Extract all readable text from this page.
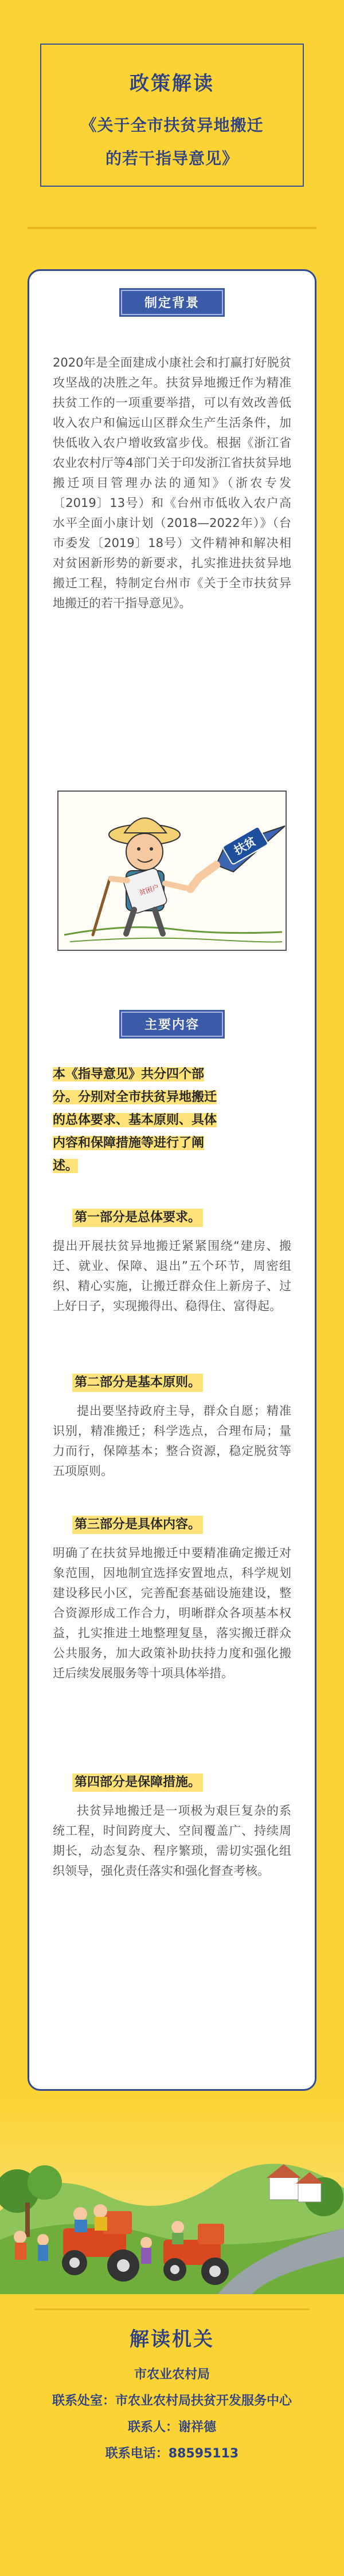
政策解读
《关于全市扶贫异地搬迁
的若干指导意见》
制定背景
2020年是全面建成小康社会和打赢打好脱贫攻坚战的决胜之年。扶贫异地搬迁作为精准扶贫工作的一项重要举措，可以有效改善低收入农户和偏远山区群众生产生活条件，加快低收入农户增收致富步伐。根据《浙江省农业农村厅等4部门关于印发浙江省扶贫异地搬迁项目管理办法的通知》（浙农专发〔2019〕13号）和《台州市低收入农户高水平全面小康计划（2018—2022年）》（台市委发〔2019〕18号）文件精神和解决相对贫困新形势的新要求，扎实推进扶贫异地搬迁工程，特制定台州市《关于全市扶贫异地搬迁的若干指导意见》。
贫困户
扶贫
主要内容
本《指导意见》共分四个部
分。分别对全市扶贫异地搬迁
的总体要求、基本原则、具体
内容和保障措施等进行了阐
述。
第一部分是总体要求。
提出开展扶贫异地搬迁紧紧围绕“建房、搬迁、就业、保障、退出”五个环节，周密组织、精心实施，让搬迁群众住上新房子、过上好日子，实现搬得出、稳得住、富得起。
第二部分是基本原则。
提出要坚持政府主导，群众自愿；精准识别，精准搬迁；科学选点，合理布局；量力而行，保障基本；整合资源，稳定脱贫等五项原则。
第三部分是具体内容。
明确了在扶贫异地搬迁中要精准确定搬迁对象范围，因地制宜选择安置地点，科学规划建设移民小区，完善配套基础设施建设，整合资源形成工作合力，明晰群众各项基本权益，扎实推进土地整理复垦，落实搬迁群众公共服务，加大政策补助扶持力度和强化搬迁后续发展服务等十项具体举措。
第四部分是保障措施。
扶贫异地搬迁是一项极为艰巨复杂的系统工程，时间跨度大、空间覆盖广、持续周期长，动态复杂、程序繁琐，需切实强化组织领导，强化责任落实和强化督查考核。
解读机关
市农业农村局
联系处室：市农业农村局扶贫开发服务中心
联系人：谢祥德
联系电话：88595113
